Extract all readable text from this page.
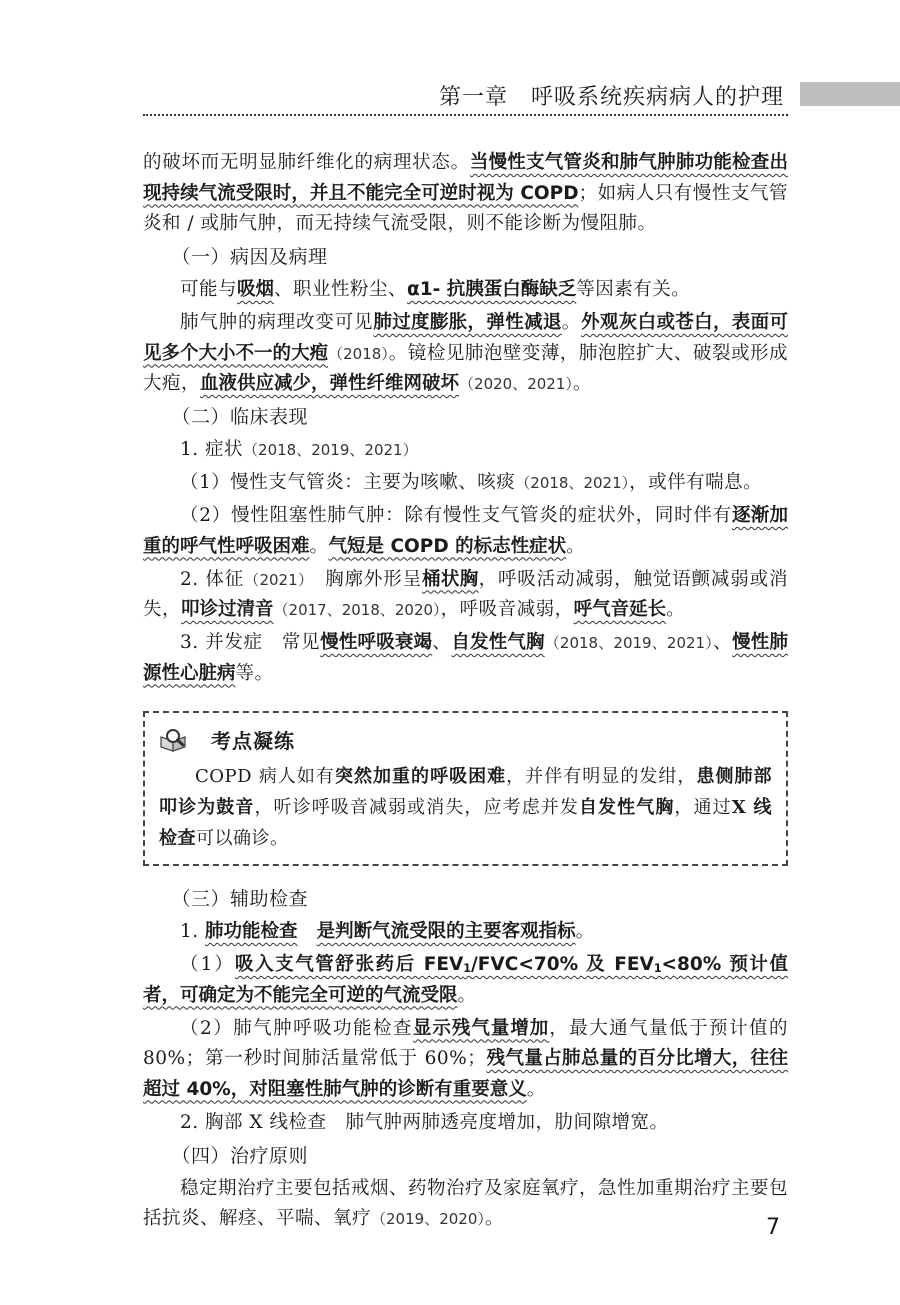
第一章　呼吸系统疾病病人的护理

的破坏而无明显肺纤维化的病理状态。当慢性支气管炎和肺气肿肺功能检查出现持续气流受限时，并且不能完全可逆时视为 COPD；如病人只有慢性支气管炎和 / 或肺气肿，而无持续气流受限，则不能诊断为慢阻肺。

（一）病因及病理

可能与吸烟、职业性粉尘、α1- 抗胰蛋白酶缺乏等因素有关。

肺气肿的病理改变可见肺过度膨胀，弹性减退。外观灰白或苍白，表面可见多个大小不一的大疱（2018）。镜检见肺泡壁变薄，肺泡腔扩大、破裂或形成大疱，血液供应减少，弹性纤维网破坏（2020、2021）。

（二）临床表现

1. 症状（2018、2019、2021）

（1）慢性支气管炎：主要为咳嗽、咳痰（2018、2021），或伴有喘息。

（2）慢性阻塞性肺气肿：除有慢性支气管炎的症状外，同时伴有逐渐加重的呼气性呼吸困难。气短是 COPD 的标志性症状。

2. 体征（2021）　胸廓外形呈桶状胸，呼吸活动减弱，触觉语颤减弱或消失，叩诊过清音（2017、2018、2020），呼吸音减弱，呼气音延长。

3. 并发症　常见慢性呼吸衰竭、自发性气胸（2018、2019、2021）、慢性肺源性心脏病等。

考点凝练

COPD 病人如有突然加重的呼吸困难，并伴有明显的发绀，患侧肺部叩诊为鼓音，听诊呼吸音减弱或消失，应考虑并发自发性气胸，通过X 线检查可以确诊。

（三）辅助检查

1. 肺功能检查　 是判断气流受限的主要客观指标。

（1）吸入支气管舒张药后 $FEV_1/FVC<70\%$ 及 $FEV_1<80\%$ 预计值者，可确定为不能完全可逆的气流受限。

（2）肺气肿呼吸功能检查显示残气量增加，最大通气量低于预计值的 80%；第一秒时间肺活量常低于 60%；残气量占肺总量的百分比增大，往往超过 40%，对阻塞性肺气肿的诊断有重要意义。

2. 胸部 X 线检查　肺气肿两肺透亮度增加，肋间隙增宽。

（四）治疗原则

稳定期治疗主要包括戒烟、药物治疗及家庭氧疗，急性加重期治疗主要包括抗炎、解痉、平喘、氧疗（2019、2020）。	7
